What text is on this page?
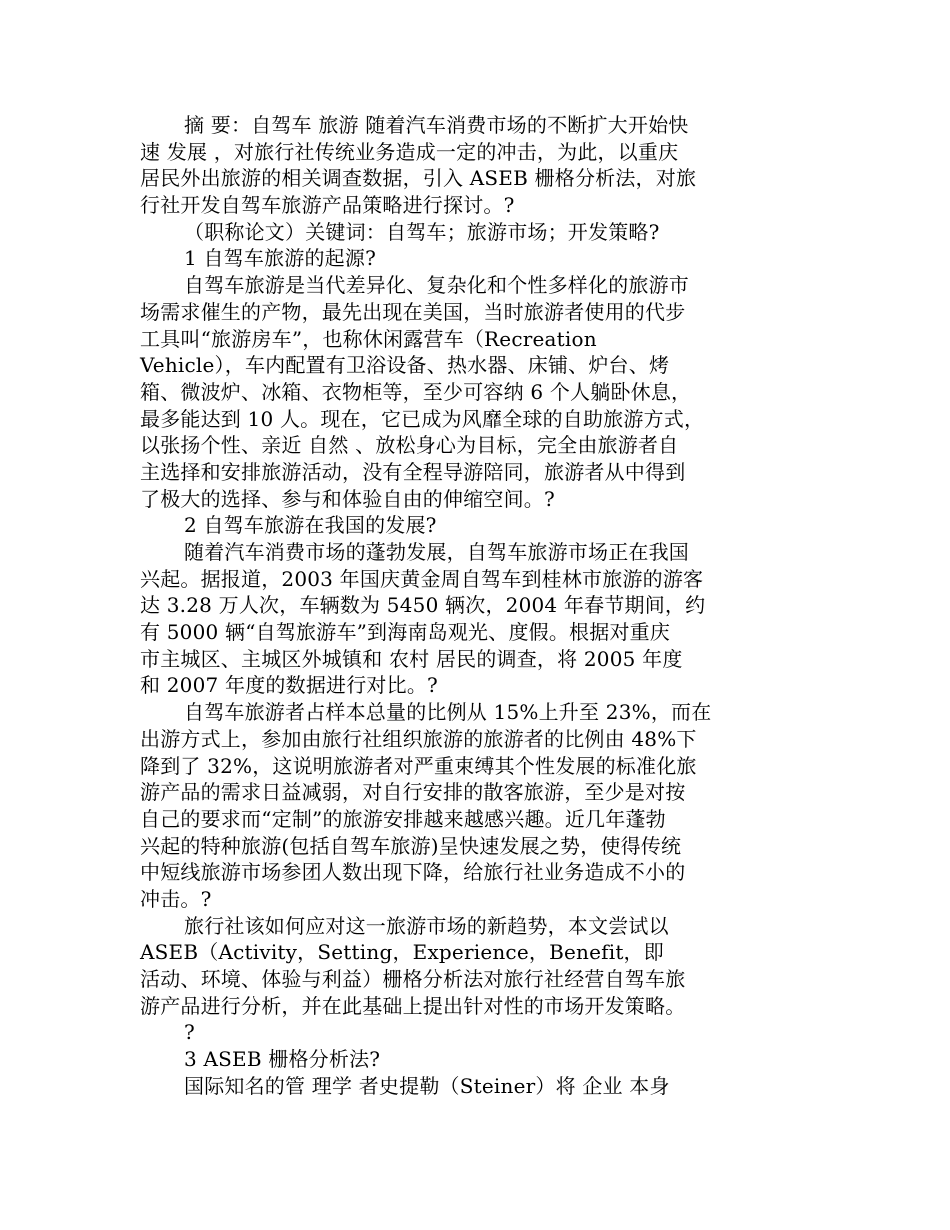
摘 要：自驾车 旅游 随着汽车消费市场的不断扩大开始快
速 发展 ，对旅行社传统业务造成一定的冲击，为此，以重庆
居民外出旅游的相关调查数据，引入 ASEB 栅格分析法，对旅
行社开发自驾车旅游产品策略进行探讨。?
（职称论文）关键词：自驾车；旅游市场；开发策略?
1 自驾车旅游的起源?
自驾车旅游是当代差异化、复杂化和个性多样化的旅游市
场需求催生的产物，最先出现在美国，当时旅游者使用的代步
工具叫“旅游房车”，也称休闲露营车（Recreation
Vehicle），车内配置有卫浴设备、热水器、床铺、炉台、烤
箱、微波炉、冰箱、衣物柜等，至少可容纳 6 个人躺卧休息，
最多能达到 10 人。现在，它已成为风靡全球的自助旅游方式，
以张扬个性、亲近 自然 、放松身心为目标，完全由旅游者自
主选择和安排旅游活动，没有全程导游陪同，旅游者从中得到
了极大的选择、参与和体验自由的伸缩空间。?
2 自驾车旅游在我国的发展?
随着汽车消费市场的蓬勃发展，自驾车旅游市场正在我国
兴起。据报道，2003 年国庆黄金周自驾车到桂林市旅游的游客
达 3.28 万人次，车辆数为 5450 辆次，2004 年春节期间，约
有 5000 辆“自驾旅游车”到海南岛观光、度假。根据对重庆
市主城区、主城区外城镇和 农村 居民的调查，将 2005 年度
和 2007 年度的数据进行对比。?
自驾车旅游者占样本总量的比例从 15%上升至 23%，而在
出游方式上，参加由旅行社组织旅游的旅游者的比例由 48%下
降到了 32%，这说明旅游者对严重束缚其个性发展的标准化旅
游产品的需求日益减弱，对自行安排的散客旅游，至少是对按
自己的要求而“定制”的旅游安排越来越感兴趣。近几年蓬勃
兴起的特种旅游(包括自驾车旅游)呈快速发展之势，使得传统
中短线旅游市场参团人数出现下降，给旅行社业务造成不小的
冲击。?
旅行社该如何应对这一旅游市场的新趋势，本文尝试以
ASEB（Activity，Setting，Experience，Benefit，即
活动、环境、体验与利益）栅格分析法对旅行社经营自驾车旅
游产品进行分析，并在此基础上提出针对性的市场开发策略。
?
3 ASEB 栅格分析法?
国际知名的管 理学 者史提勒（Steiner）将 企业 本身
